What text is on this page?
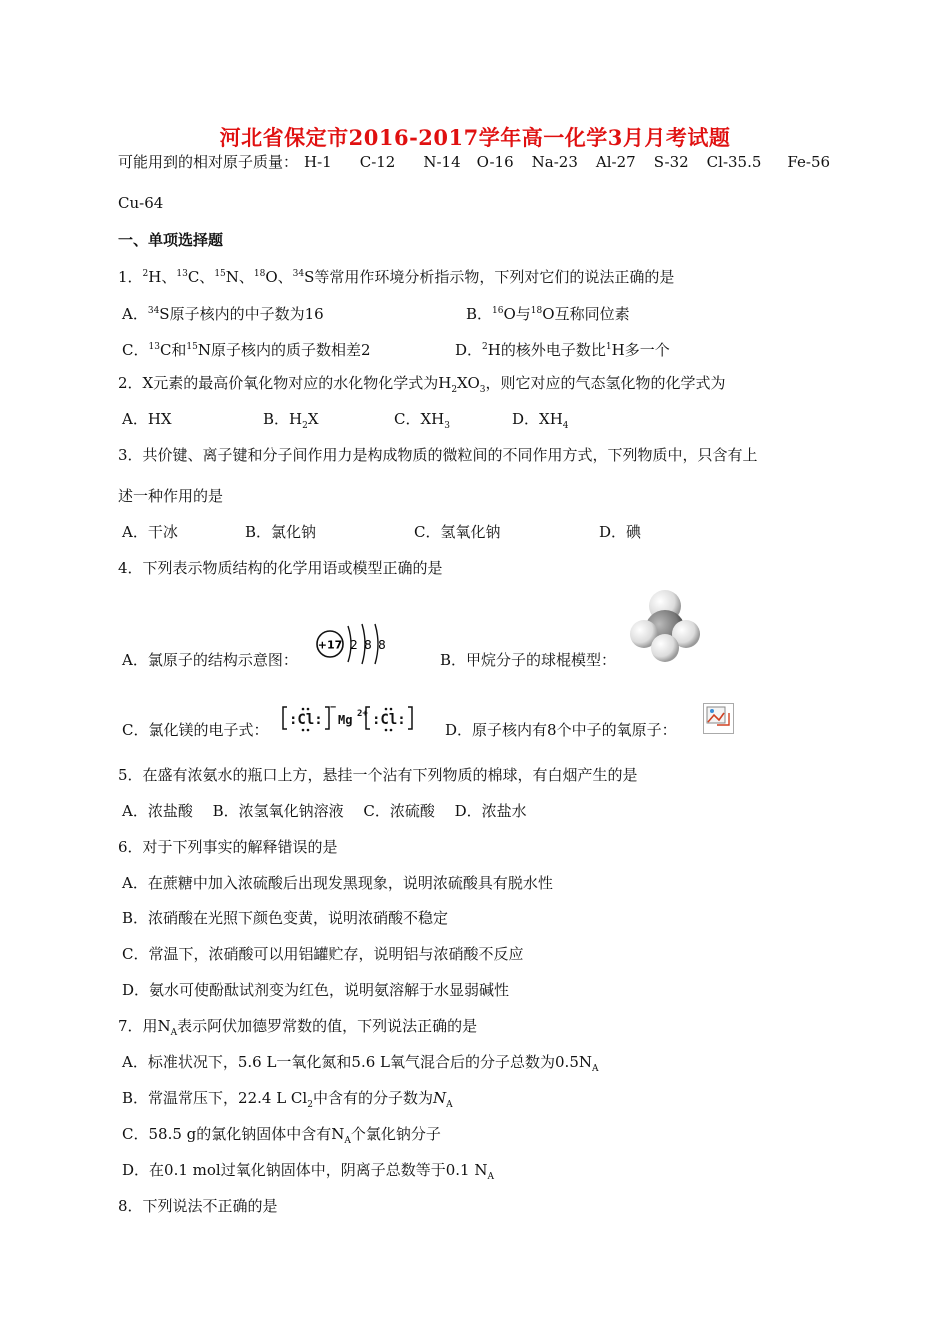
河北省保定市2016-2017学年高一化学3月月考试题
可能用到的相对原子质量： H-1 C-12 N-14 O-16 Na-23 Al-27 S-32 Cl-35.5 Fe-56
Cu-64
一、单项选择题
1．$^2$H、$^{13}$C、$^{15}$N、$^{18}$O、$^{34}$S等常用作环境分析指示物，下列对它们的说法正确的是
A．$^{34}$S原子核内的中子数为16	B．$^{16}$O与$^{18}$O互称同位素
C．$^{13}$C和$^{15}$N原子核内的质子数相差2	D．$^2$H的核外电子数比$^1$H多一个
2．X元素的最高价氧化物对应的水化物化学式为$H_2XO_3$，则它对应的气态氢化物的化学式为
A．HX	B．$H_2X$	C．$XH_3$	D．$XH_4$
3．共价键、离子键和分子间作用力是构成物质的微粒间的不同作用方式，下列物质中，只含有上
述一种作用的是
A．干冰	B．氯化钠	C．氢氧化钠	D．碘
4．下列表示物质结构的化学用语或模型正确的是
A．氯原子的结构示意图：
+17 2 8 8
B．甲烷分子的球棍模型：
C．氯化镁的电子式：
:Cl:
−
Mg 2+ :Cl:
D．原子核内有8个中子的氧原子：
5．在盛有浓氨水的瓶口上方，悬挂一个沾有下列物质的棉球，有白烟产生的是
A．浓盐酸　 B．浓氢氧化钠溶液　 C．浓硫酸　 D．浓盐水
6．对于下列事实的解释错误的是
A．在蔗糖中加入浓硫酸后出现发黑现象，说明浓硫酸具有脱水性
B．浓硝酸在光照下颜色变黄，说明浓硝酸不稳定
C．常温下，浓硝酸可以用铝罐贮存，说明铝与浓硝酸不反应
D．氨水可使酚酞试剂变为红色，说明氨溶解于水显弱碱性
7．用$N_A$表示阿伏加德罗常数的值，下列说法正确的是
A．标准状况下，5.6 L一氧化氮和5.6 L氧气混合后的分子总数为$0.5N_A$
B．常温常压下，22.4 L $Cl_2$中含有的分子数为$N_A$
C．58.5 g的氯化钠固体中含有$N_A$个氯化钠分子
D．在0.1 mol过氧化钠固体中，阴离子总数等于0.1 $N_A$
8．下列说法不正确的是
